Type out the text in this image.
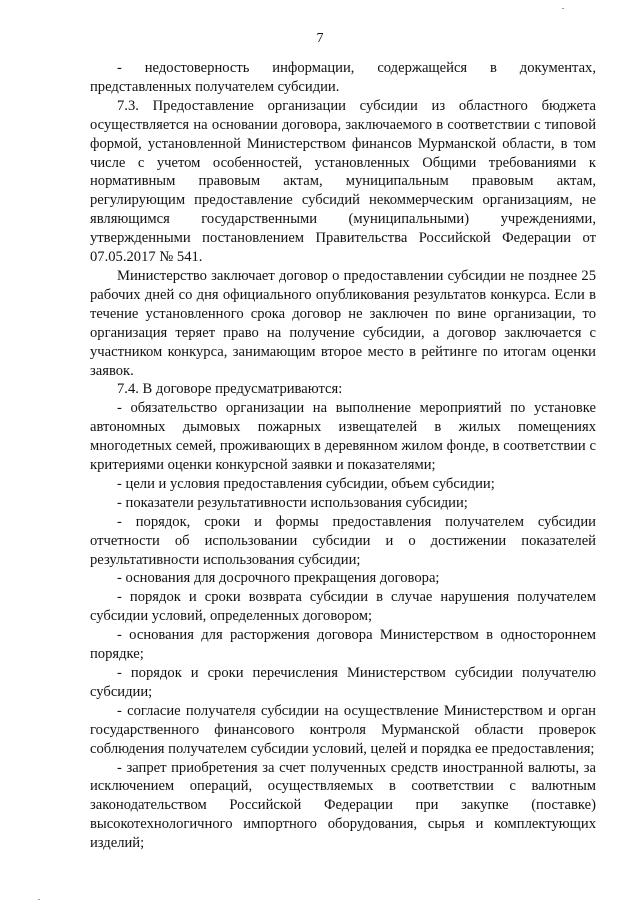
7

- недостоверность информации, содержащейся в документах, представленных получателем субсидии.

7.3. Предоставление организации субсидии из областного бюджета осуществляется на основании договора, заключаемого в соответствии с типовой формой, установленной Министерством финансов Мурманской области, в том числе с учетом особенностей, установленных Общими требованиями к нормативным правовым актам, муниципальным правовым актам, регулирующим предоставление субсидий некоммерческим организациям, не являющимся государственными (муниципальными) учреждениями, утвержденными постановлением Правительства Российской Федерации от 07.05.2017 № 541.

Министерство заключает договор о предоставлении субсидии не позднее 25 рабочих дней со дня официального опубликования результатов конкурса. Если в течение установленного срока договор не заключен по вине организации, то организация теряет право на получение субсидии, а договор заключается с участником конкурса, занимающим второе место в рейтинге по итогам оценки заявок.

7.4. В договоре предусматриваются:

- обязательство организации на выполнение мероприятий по установке автономных дымовых пожарных извещателей в жилых помещениях многодетных семей, проживающих в деревянном жилом фонде, в соответствии с критериями оценки конкурсной заявки и показателями;

- цели и условия предоставления субсидии, объем субсидии;

- показатели результативности использования субсидии;

- порядок, сроки и формы предоставления получателем субсидии отчетности об использовании субсидии и о достижении показателей результативности использования субсидии;

- основания для досрочного прекращения договора;

- порядок и сроки возврата субсидии в случае нарушения получателем субсидии условий, определенных договором;

- основания для расторжения договора Министерством в одностороннем порядке;

- порядок и сроки перечисления Министерством субсидии получателю субсидии;

- согласие получателя субсидии на осуществление Министерством и орган государственного финансового контроля Мурманской области проверок соблюдения получателем субсидии условий, целей и порядка ее предоставления;

- запрет приобретения за счет полученных средств иностранной валюты, за исключением операций, осуществляемых в соответствии с валютным законодательством Российской Федерации при закупке (поставке) высокотехнологичного импортного оборудования, сырья и комплектующих изделий;
